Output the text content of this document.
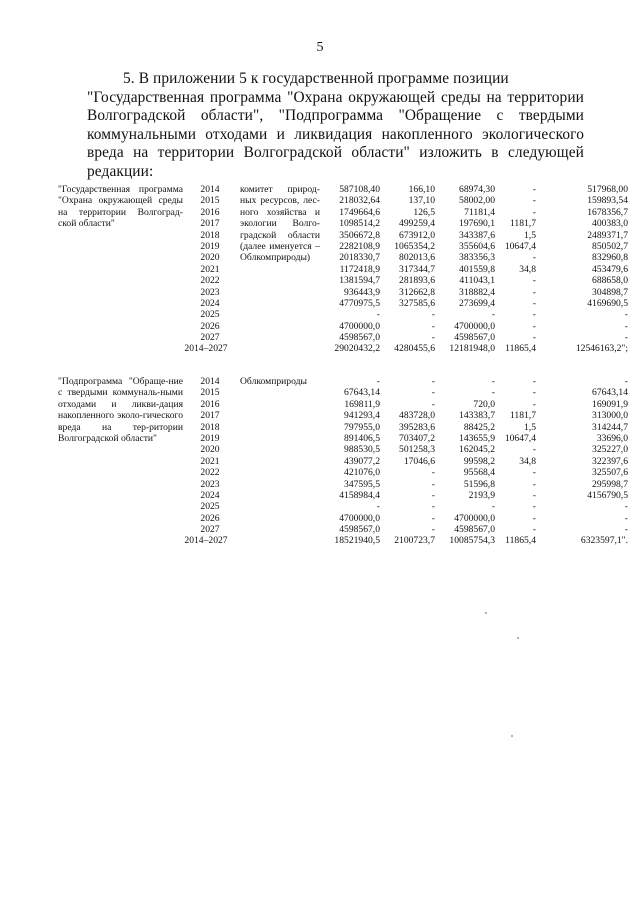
5
5. В приложении 5 к государственной программе позиции
"Государственная программа "Охрана окружающей среды на территории Волгоградской области", "Подпрограмма "Обращение с твердыми коммунальными отходами и ликвидация накопленного экологического вреда на территории Волгоградской области" изложить в следующей редакции:
"Государственная программа "Охрана окружающей среды на территории Волгоград-ской области"
комитет природ-ных ресурсов, лес-ного хозяйства и экологии Волго-градской области (далее именуется – Облкомприроды)
2014	587108,40	166,10	68974,30	-	517968,00
2015	218032,64	137,10	58002,00	-	159893,54
2016	1749664,6	126,5	71181,4	-	1678356,7
2017	1098514,2	499259,4	197690,1	1181,7	400383,0
2018	3506672,8	673912,0	343387,6	1,5	2489371,7
2019	2282108,9	1065354,2	355604,6	10647,4	850502,7
2020	2018330,7	802013,6	383356,3	-	832960,8
2021	1172418,9	317344,7	401559,8	34,8	453479,6
2022	1381594,7	281893,6	411043,1	-	688658,0
2023	936443,9	312662,8	318882,4	-	304898,7
2024	4770975,5	327585,6	273699,4	-	4169690,5
2025	-	-	-	-	-
2026	4700000,0	-	4700000,0	-	-
2027	4598567,0	-	4598567,0	-	-
2014–2027	29020432,2	4280455,6	12181948,0	11865,4	12546163,2";
"Подпрограмма "Обраще-ние с твердыми коммуналь-ными отходами и ликви-дация накопленного эколо-гического вреда на тер-ритории Волгоградской области"
Облкомприроды
2014	-	-	-	-	-
2015	67643,14	-	-	-	67643,14
2016	169811,9	-	720,0	-	169091,9
2017	941293,4	483728,0	143383,7	1181,7	313000,0
2018	797955,0	395283,6	88425,2	1,5	314244,7
2019	891406,5	703407,2	143655,9	10647,4	33696,0
2020	988530,5	501258,3	162045,2	-	325227,0
2021	439077,2	17046,6	99598,2	34,8	322397,6
2022	421076,0	-	95568,4	-	325507,6
2023	347595,5	-	51596,8	-	295998,7
2024	4158984,4	-	2193,9	-	4156790,5
2025	-	-	-	-	-
2026	4700000,0	-	4700000,0	-	-
2027	4598567,0	-	4598567,0	-	-
2014–2027	18521940,5	2100723,7	10085754,3	11865,4	6323597,1".
